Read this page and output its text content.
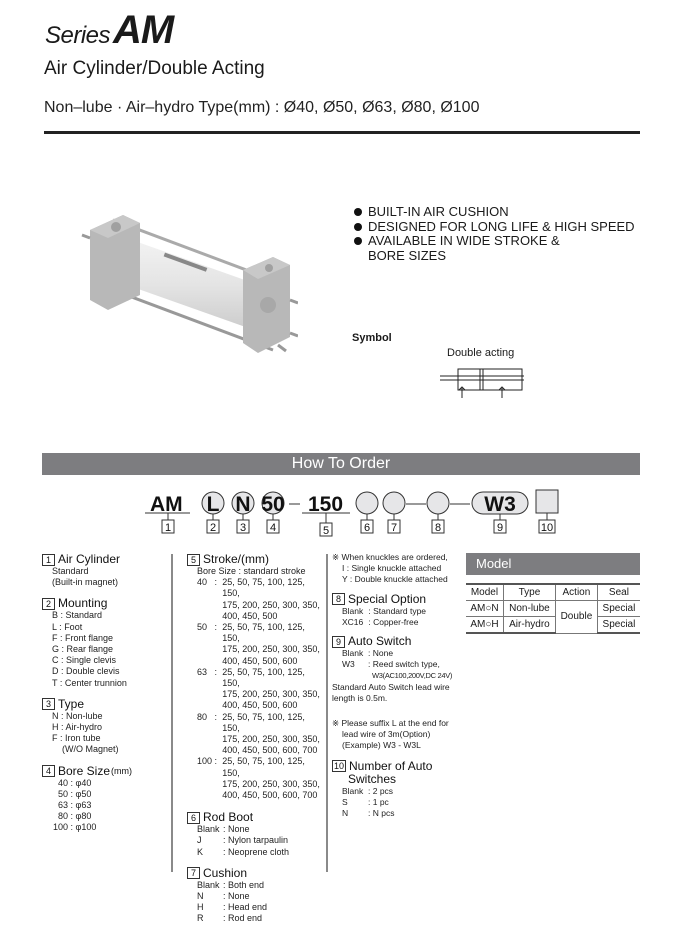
SeriesAM
Air Cylinder/Double Acting
Non–lube · Air–hydro Type(mm) : Ø40, Ø50, Ø63, Ø80, Ø100
BUILT-IN AIR CUSHION
DESIGNED FOR LONG LIFE & HIGH SPEED
AVAILABLE IN WIDE STROKE &
BORE SIZES
Symbol
Double acting
How To Order
AM
1
L
2
N
3
50
4
150
5	6 7	8
W3
9	10
1 Air Cylinder
Standard
(Built-in magnet)
2 Mounting
B : Standard
L : Foot
F : Front flange
G : Rear flange
C : Single clevis
D : Double clevis
T : Center trunnion
3 Type
N : Non-lube
H : Air-hydro
F : Iron tube
(W/O Magnet)
4 Bore Size (mm)
40 : φ40
50 : φ50
63 : φ63
80 : φ80
100 : φ100
5 Stroke/(mm)
Bore Size : standard stroke
40 : 25, 50, 75, 100, 125, 150,
175, 200, 250, 300, 350,
400, 450, 500
50 : 25, 50, 75, 100, 125, 150,
175, 200, 250, 300, 350,
400, 450, 500, 600
63 : 25, 50, 75, 100, 125, 150,
175, 200, 250, 300, 350,
400, 450, 500, 600
80 : 25, 50, 75, 100, 125, 150,
175, 200, 250, 300, 350,
400, 450, 500, 600, 700
100 : 25, 50, 75, 100, 125, 150,
175, 200, 250, 300, 350,
400, 450, 500, 600, 700
6 Rod Boot
Blank : None
J : Nylon tarpaulin
K : Neoprene cloth
7 Cushion
Blank : Both end
N : None
H : Head end
R : Rod end
※ When knuckles are ordered,
I : Single knuckle attached
Y : Double knuckle attached
8 Special Option
Blank : Standard type
XC16 : Copper-free
9 Auto Switch
Blank : None
W3 : Reed switch type,
W3(AC100,200V,DC 24V)
Standard Auto Switch lead wire length is 0.5m.
※ Please suffix L at the end for
lead wire of 3m(Option)
(Example) W3 - W3L
10 Number of Auto
Switches
Blank : 2 pcs
S : 1 pc
N : N pcs
Model
Model	Type	Action	Seal
AM○N	Non-lube	Double	Special
AM○H	Air-hydro		Special
